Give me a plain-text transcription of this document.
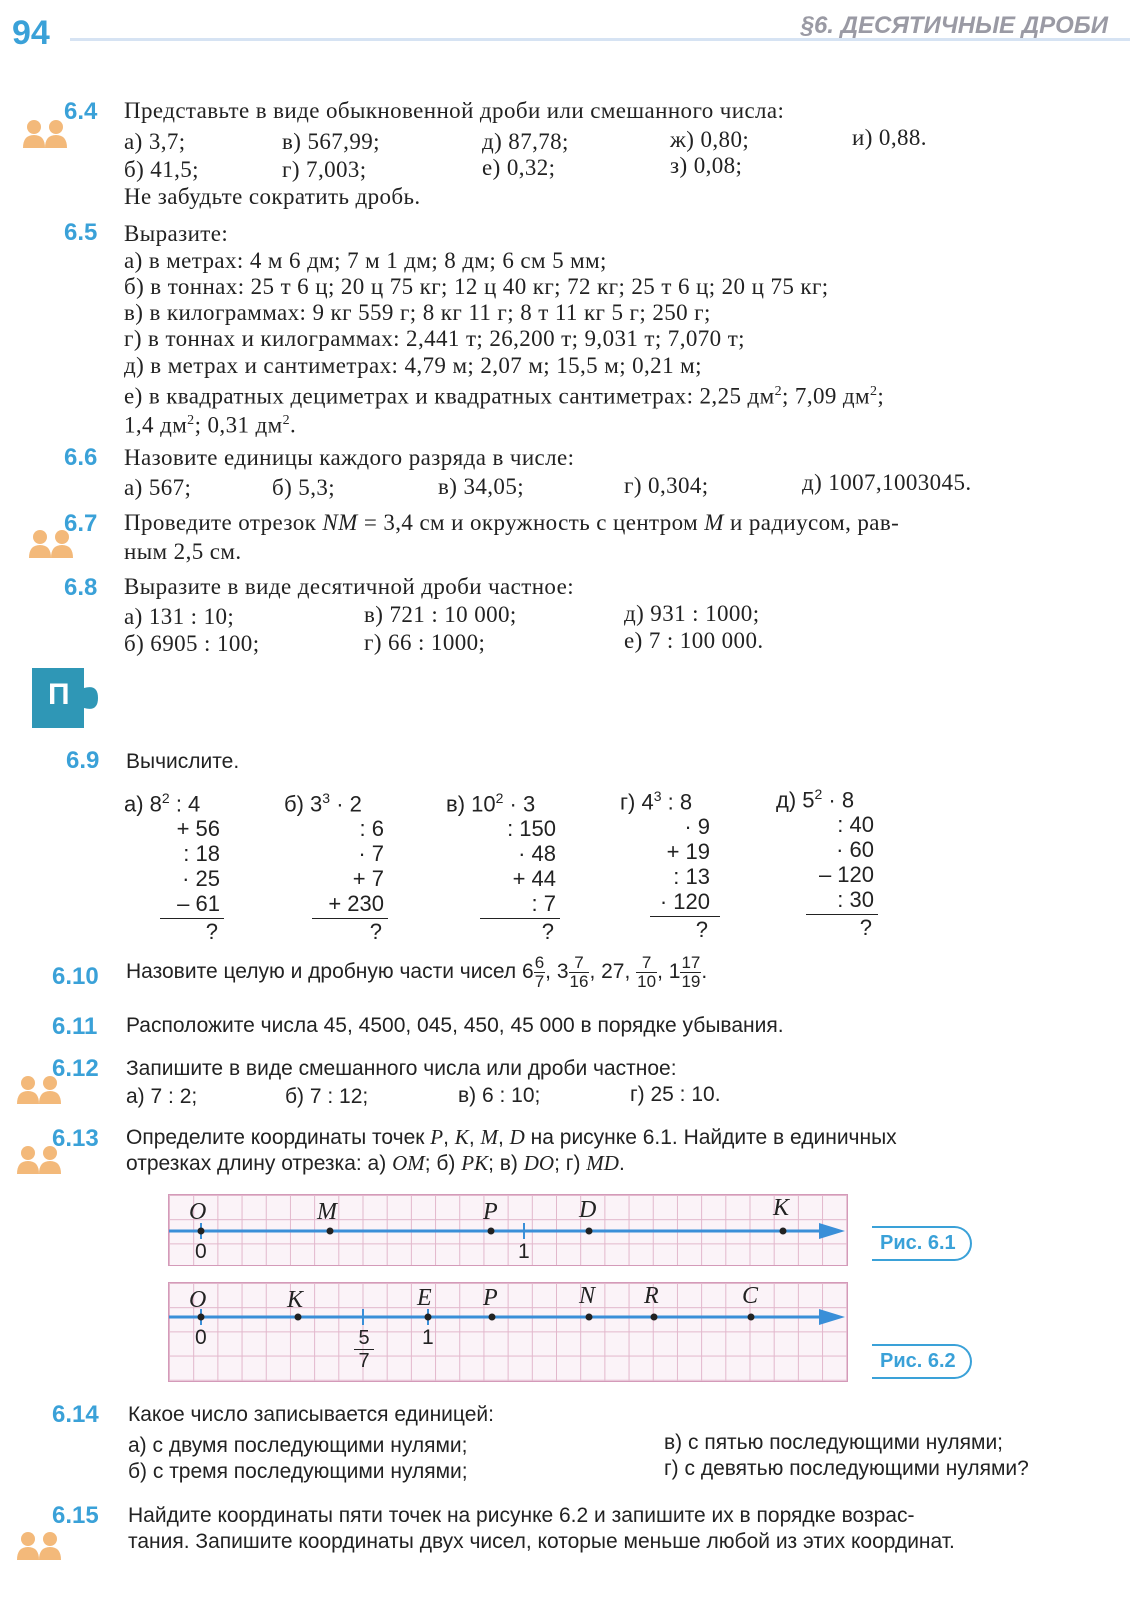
94	§6. ДЕСЯТИЧНЫЕ ДРОБИ
6.4 Представьте в виде обыкновенной дроби или смешанного числа:
а) 3,7;	в) 567,99;	д) 87,78;	ж) 0,80;	и) 0,88.
б) 41,5;	г) 7,003;	е) 0,32;	з) 0,08;
Не забудьте сократить дробь.
6.5 Выразите:
а) в метрах: 4 м 6 дм; 7 м 1 дм; 8 дм; 6 см 5 мм;
б) в тоннах: 25 т 6 ц; 20 ц 75 кг; 12 ц 40 кг; 72 кг; 25 т 6 ц; 20 ц 75 кг;
в) в килограммах: 9 кг 559 г; 8 кг 11 г; 8 т 11 кг 5 г; 250 г;
г) в тоннах и килограммах: 2,441 т; 26,200 т; 9,031 т; 7,070 т;
д) в метрах и сантиметрах: 4,79 м; 2,07 м; 15,5 м; 0,21 м;
е) в квадратных дециметрах и квадратных сантиметрах: 2,25 $дм^2$; 7,09 $дм^2$;
1,4 $дм^2$; 0,31 $дм^2$.
6.6 Назовите единицы каждого разряда в числе:
а) 567;	б) 5,3;	в) 34,05;	г) 0,304;	д) 1007,1003045.
6.7 Проведите отрезок NM = 3,4 см и окружность с центром M и радиусом, рав-
ным 2,5 см.
6.8 Выразите в виде десятичной дроби частное:
а) 131 : 10;	в) 721 : 10 000;	д) 931 : 1000;
б) 6905 : 100;	г) 66 : 1000;	е) 7 : 100 000.
П
6.9 Вычислите.
а) $8^2$ : 4
+ 56
: 18
· 25
– 61
?
б) $3^3 \cdot 2$
: 6
· 7
+ 7
+ 230
?
в) $10^2 \cdot 3$
: 150
· 48
+ 44
: 7
?
г) $4^3$ : 8
· 9
+ 19
: 13
· 120
?
д) $5^2 \cdot 8$
: 40
· 60
– 120
: 30
?
6.10 Назовите целую и дробную части чисел $6 \frac{6}{7}$ , $3 \frac{7}{16}$ , 27, $\frac{7}{10}$ , $1 \frac{17}{19}$ .
6.11 Расположите числа 45, 4500, 045, 450, 45 000 в порядке убывания.
6.12 Запишите в виде смешанного числа или дроби частное:
а) 7 : 2;	б) 7 : 12;	в) 6 : 10;	г) 25 : 10.
6.13 Определите координаты точек P, K, M, D на рисунке 6.1. Найдите в единичных
отрезках длину отрезка: а) OM; б) PK; в) DO; г) MD.
O	M	P	D	K
0	1	Рис. 6.1
O	K	E P	N R	C
0	1
5
7	Рис. 6.2
6.14 Какое число записывается единицей:
а) с двумя последующими нулями;	в) с пятью последующими нулями;
б) с тремя последующими нулями;	г) с девятью последующими нулями?
6.15 Найдите координаты пяти точек на рисунке 6.2 и запишите их в порядке возрас-
тания. Запишите координаты двух чисел, которые меньше любой из этих координат.
